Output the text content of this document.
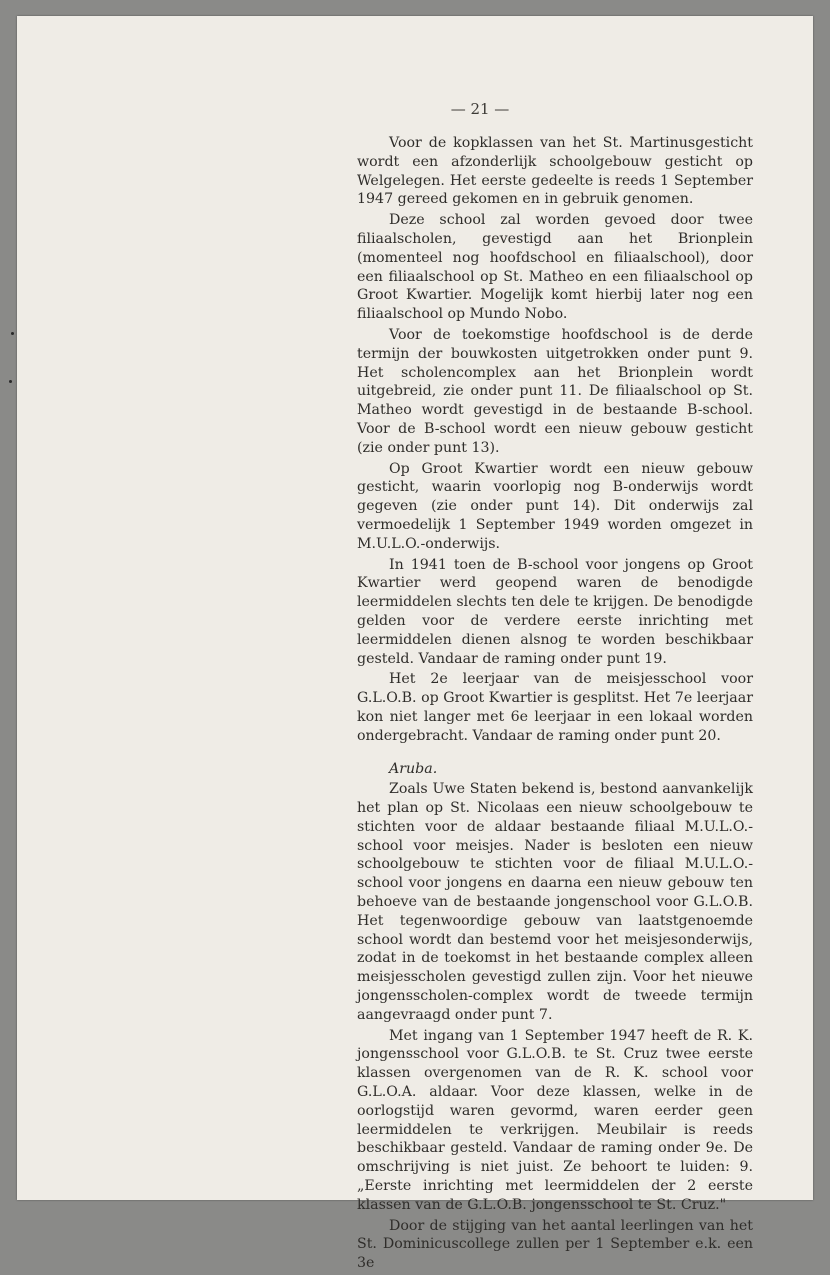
— 21 —

Voor de kopklassen van het St. Martinusgesticht wordt een afzonderlijk schoolgebouw gesticht op Welgelegen. Het eerste gedeelte is reeds 1 September 1947 gereed gekomen en in gebruik genomen.

Deze school zal worden gevoed door twee filiaalscholen, gevestigd aan het Brionplein (momenteel nog hoofdschool en filiaalschool), door een filiaalschool op St. Matheo en een filiaalschool op Groot Kwartier. Mogelijk komt hierbij later nog een filiaalschool op Mundo Nobo.

Voor de toekomstige hoofdschool is de derde termijn der bouwkosten uitgetrokken onder punt 9. Het scholencomplex aan het Brionplein wordt uitgebreid, zie onder punt 11. De filiaalschool op St. Matheo wordt gevestigd in de bestaande B-school. Voor de B-school wordt een nieuw gebouw gesticht (zie onder punt 13).

Op Groot Kwartier wordt een nieuw gebouw gesticht, waarin voorlopig nog B-onderwijs wordt gegeven (zie onder punt 14). Dit onderwijs zal vermoedelijk 1 September 1949 worden omgezet in M.U.L.O.-onderwijs.

In 1941 toen de B-school voor jongens op Groot Kwartier werd geopend waren de benodigde leermiddelen slechts ten dele te krijgen. De benodigde gelden voor de verdere eerste inrichting met leermiddelen dienen alsnog te worden beschikbaar gesteld. Vandaar de raming onder punt 19.

Het 2e leerjaar van de meisjesschool voor G.L.O.B. op Groot Kwartier is gesplitst. Het 7e leerjaar kon niet langer met 6e leerjaar in een lokaal worden ondergebracht. Vandaar de raming onder punt 20.

Aruba.

Zoals Uwe Staten bekend is, bestond aanvankelijk het plan op St. Nicolaas een nieuw schoolgebouw te stichten voor de aldaar bestaande filiaal M.U.L.O.-school voor meisjes. Nader is besloten een nieuw schoolgebouw te stichten voor de filiaal M.U.L.O.-school voor jongens en daarna een nieuw gebouw ten behoeve van de bestaande jongenschool voor G.L.O.B. Het tegenwoordige gebouw van laatstgenoemde school wordt dan bestemd voor het meisjesonderwijs, zodat in de toekomst in het bestaande complex alleen meisjesscholen gevestigd zullen zijn. Voor het nieuwe jongensscholen-complex wordt de tweede termijn aangevraagd onder punt 7.

Met ingang van 1 September 1947 heeft de R. K. jongensschool voor G.L.O.B. te St. Cruz twee eerste klassen overgenomen van de R. K. school voor G.L.O.A. aldaar. Voor deze klassen, welke in de oorlogstijd waren gevormd, waren eerder geen leermiddelen te verkrijgen. Meubilair is reeds beschikbaar gesteld. Vandaar de raming onder 9e. De omschrijving is niet juist. Ze behoort te luiden: 9. „Eerste inrichting met leermiddelen der 2 eerste klassen van de G.L.O.B. jongensschool te St. Cruz."

Door de stijging van het aantal leerlingen van het St. Dominicuscollege zullen per 1 September e.k. een 3e
